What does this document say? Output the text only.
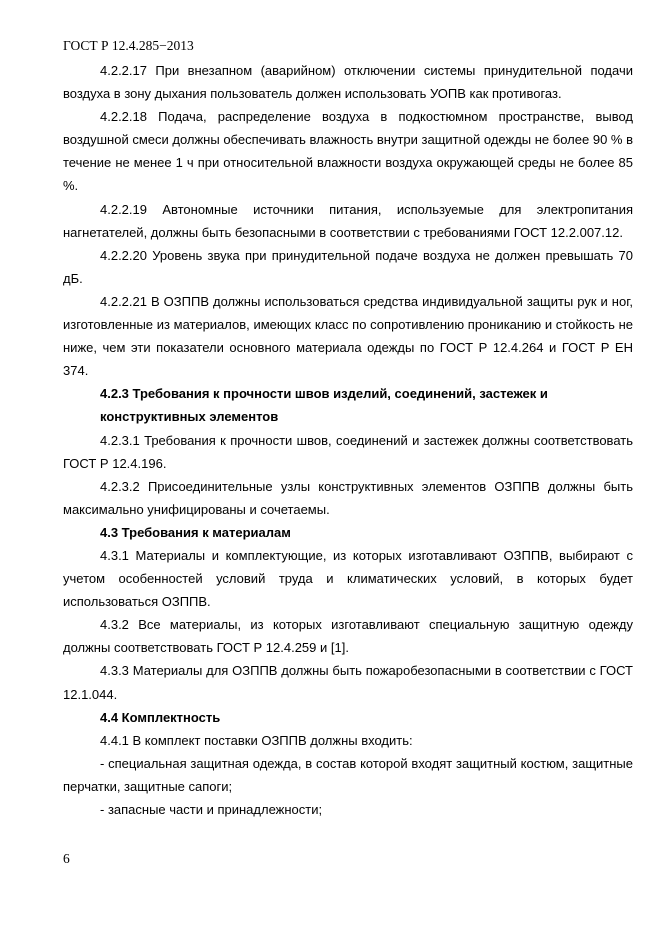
ГОСТ Р 12.4.285−2013

4.2.2.17 При внезапном (аварийном) отключении системы принудительной подачи воздуха в зону дыхания пользователь должен использовать УОПВ как противогаз.

4.2.2.18 Подача, распределение воздуха в подкостюмном пространстве, вывод воздушной смеси должны обеспечивать влажность внутри защитной одежды не более 90 % в течение не менее 1 ч при относительной влажности воздуха окружающей среды не более 85 %.

4.2.2.19 Автономные источники питания, используемые для электропитания нагнетателей, должны быть безопасными в соответствии с требованиями ГОСТ 12.2.007.12.

4.2.2.20 Уровень звука при принудительной подаче воздуха не должен превышать 70 дБ.

4.2.2.21 В ОЗППВ должны использоваться средства индивидуальной защиты рук и ног, изготовленные из материалов, имеющих класс по сопротивлению прониканию и стойкость не ниже, чем эти показатели основного материала одежды по ГОСТ Р 12.4.264 и ГОСТ Р ЕН 374.

4.2.3 Требования к прочности швов изделий, соединений, застежек и
конструктивных элементов

4.2.3.1 Требования к прочности швов, соединений и застежек должны соответствовать ГОСТ Р 12.4.196.

4.2.3.2 Присоединительные узлы конструктивных элементов ОЗППВ должны быть максимально унифицированы и сочетаемы.

4.3 Требования к материалам

4.3.1 Материалы и комплектующие, из которых изготавливают ОЗППВ, выбирают с учетом особенностей условий труда и климатических условий, в которых будет использоваться ОЗППВ.

4.3.2 Все материалы, из которых изготавливают специальную защитную одежду должны соответствовать ГОСТ Р 12.4.259 и [1].

4.3.3 Материалы для ОЗППВ должны быть пожаробезопасными в соответствии с ГОСТ 12.1.044.

4.4 Комплектность

4.4.1 В комплект поставки ОЗППВ должны входить:

- специальная защитная одежда, в состав которой входят защитный костюм, защитные перчатки, защитные сапоги;

- запасные части и принадлежности;

6
